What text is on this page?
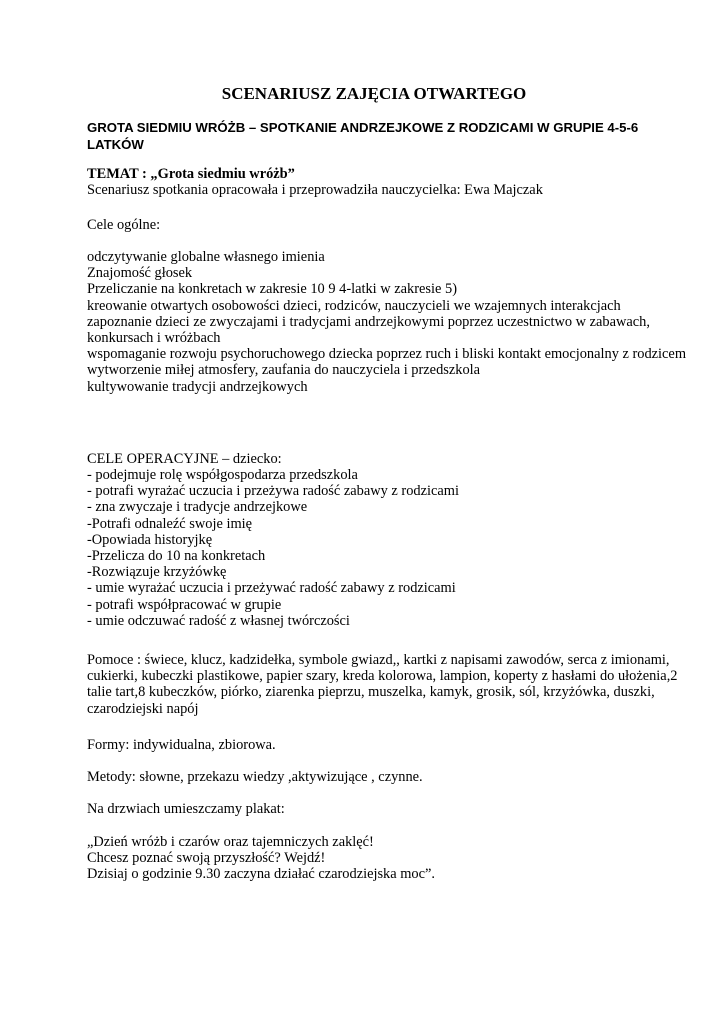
SCENARIUSZ ZAJĘCIA OTWARTEGO
GROTA SIEDMIU WRÓŻB – SPOTKANIE ANDRZEJKOWE Z RODZICAMI W GRUPIE 4-5-6 LATKÓW
TEMAT : „Grota siedmiu wróżb”
Scenariusz spotkania opracowała i przeprowadziła nauczycielka: Ewa Majczak
Cele ogólne:
odczytywanie globalne własnego imienia
Znajomość głosek
Przeliczanie na konkretach w zakresie 10 9 4-latki w zakresie 5)
kreowanie otwartych osobowości dzieci, rodziców, nauczycieli we wzajemnych interakcjach
zapoznanie dzieci ze zwyczajami i tradycjami andrzejkowymi poprzez uczestnictwo w zabawach, konkursach i wróżbach
wspomaganie rozwoju psychoruchowego dziecka poprzez ruch i bliski kontakt emocjonalny z rodzicem
wytworzenie miłej atmosfery, zaufania do nauczyciela i przedszkola
kultywowanie tradycji andrzejkowych
CELE OPERACYJNE – dziecko:
- podejmuje rolę współgospodarza przedszkola
- potrafi wyrażać uczucia i przeżywa radość zabawy z rodzicami
- zna zwyczaje i tradycje andrzejkowe
-Potrafi odnaleźć swoje imię
-Opowiada historyjkę
-Przelicza do 10 na konkretach
-Rozwiązuje krzyżówkę
- umie wyrażać uczucia i przeżywać radość zabawy z rodzicami
- potrafi współpracować w grupie
- umie odczuwać radość z własnej twórczości
Pomoce : świece, klucz, kadzidełka, symbole gwiazd,, kartki z napisami zawodów, serca z imionami, cukierki, kubeczki plastikowe, papier szary, kreda kolorowa, lampion, koperty z hasłami do ułożenia,2 talie tart,8 kubeczków, piórko, ziarenka pieprzu, muszelka, kamyk, grosik, sól, krzyżówka, duszki, czarodziejski napój
Formy: indywidualna, zbiorowa.
Metody: słowne, przekazu wiedzy ,aktywizujące , czynne.
Na drzwiach umieszczamy plakat:
„Dzień wróżb i czarów oraz tajemniczych zaklęć!
Chcesz poznać swoją przyszłość? Wejdź!
Dzisiaj o godzinie 9.30 zaczyna działać czarodziejska moc”.
